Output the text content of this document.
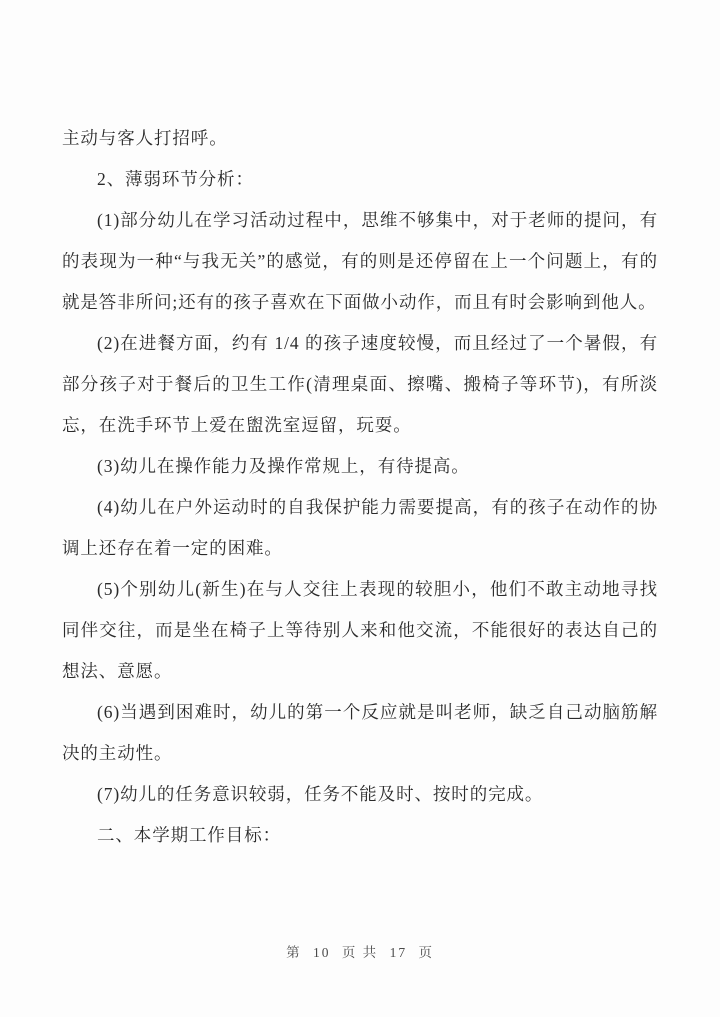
主动与客人打招呼。

2、薄弱环节分析：

(1)部分幼儿在学习活动过程中，思维不够集中，对于老师的提问，有的表现为一种“与我无关”的感觉，有的则是还停留在上一个问题上，有的就是答非所问;还有的孩子喜欢在下面做小动作，而且有时会影响到他人。

(2)在进餐方面，约有 1/4 的孩子速度较慢，而且经过了一个暑假，有部分孩子对于餐后的卫生工作(清理桌面、擦嘴、搬椅子等环节)，有所淡忘，在洗手环节上爱在盥洗室逗留，玩耍。

(3)幼儿在操作能力及操作常规上，有待提高。

(4)幼儿在户外运动时的自我保护能力需要提高，有的孩子在动作的协调上还存在着一定的困难。

(5)个别幼儿(新生)在与人交往上表现的较胆小，他们不敢主动地寻找同伴交往，而是坐在椅子上等待别人来和他交流，不能很好的表达自己的想法、意愿。

(6)当遇到困难时，幼儿的第一个反应就是叫老师，缺乏自己动脑筋解决的主动性。

(7)幼儿的任务意识较弱，任务不能及时、按时的完成。

二、本学期工作目标：

第 10 页 共 17 页
